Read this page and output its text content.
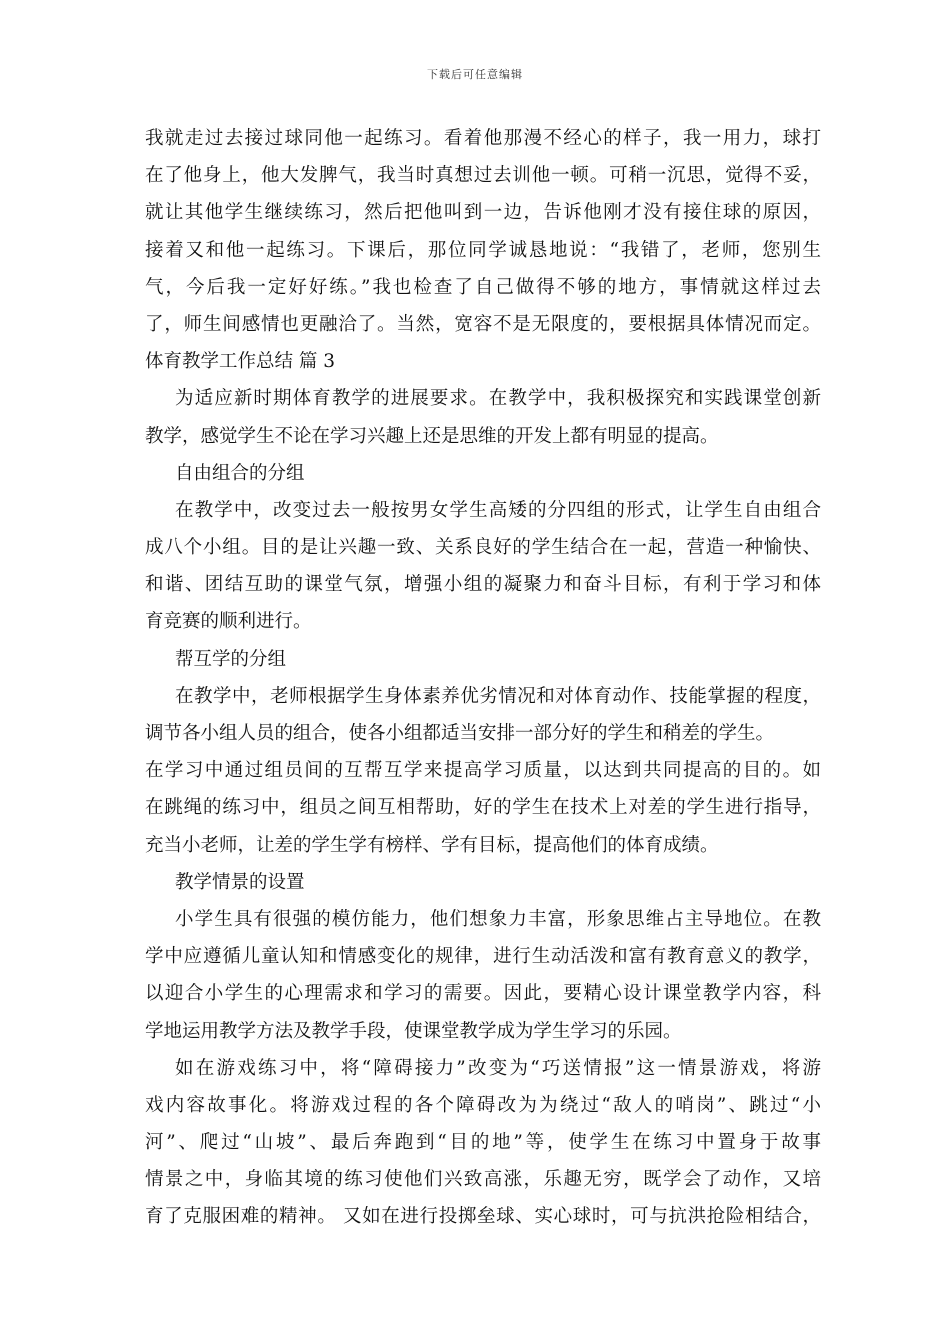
下载后可任意编辑
我就走过去接过球同他一起练习。看着他那漫不经心的样子，我一用力，球打
在了他身上，他大发脾气，我当时真想过去训他一顿。可稍一沉思，觉得不妥，
就让其他学生继续练习，然后把他叫到一边，告诉他刚才没有接住球的原因，
接着又和他一起练习。下课后，那位同学诚恳地说：“我错了，老师，您别生
气，今后我一定好好练。”我也检查了自己做得不够的地方，事情就这样过去
了，师生间感情也更融洽了。当然，宽容不是无限度的，要根据具体情况而定。
体育教学工作总结 篇 3
为适应新时期体育教学的进展要求。在教学中，我积极探究和实践课堂创新
教学，感觉学生不论在学习兴趣上还是思维的开发上都有明显的提高。
自由组合的分组
在教学中，改变过去一般按男女学生高矮的分四组的形式，让学生自由组合
成八个小组。目的是让兴趣一致、关系良好的学生结合在一起，营造一种愉快、
和谐、团结互助的课堂气氛，增强小组的凝聚力和奋斗目标，有利于学习和体
育竞赛的顺利进行。
帮互学的分组
在教学中，老师根据学生身体素养优劣情况和对体育动作、技能掌握的程度，
调节各小组人员的组合，使各小组都适当安排一部分好的学生和稍差的学生。
在学习中通过组员间的互帮互学来提高学习质量，以达到共同提高的目的。如
在跳绳的练习中，组员之间互相帮助，好的学生在技术上对差的学生进行指导，
充当小老师，让差的学生学有榜样、学有目标，提高他们的体育成绩。
教学情景的设置
小学生具有很强的模仿能力，他们想象力丰富，形象思维占主导地位。在教
学中应遵循儿童认知和情感变化的规律，进行生动活泼和富有教育意义的教学，
以迎合小学生的心理需求和学习的需要。因此，要精心设计课堂教学内容，科
学地运用教学方法及教学手段，使课堂教学成为学生学习的乐园。
如在游戏练习中，将“障碍接力”改变为“巧送情报”这一情景游戏，将游
戏内容故事化。将游戏过程的各个障碍改为为绕过“敌人的哨岗”、跳过“小
河”、爬过“山坡”、最后奔跑到“目的地”等，使学生在练习中置身于故事
情景之中，身临其境的练习使他们兴致高涨，乐趣无穷，既学会了动作，又培
育了克服困难的精神。 又如在进行投掷垒球、实心球时，可与抗洪抢险相结合，
